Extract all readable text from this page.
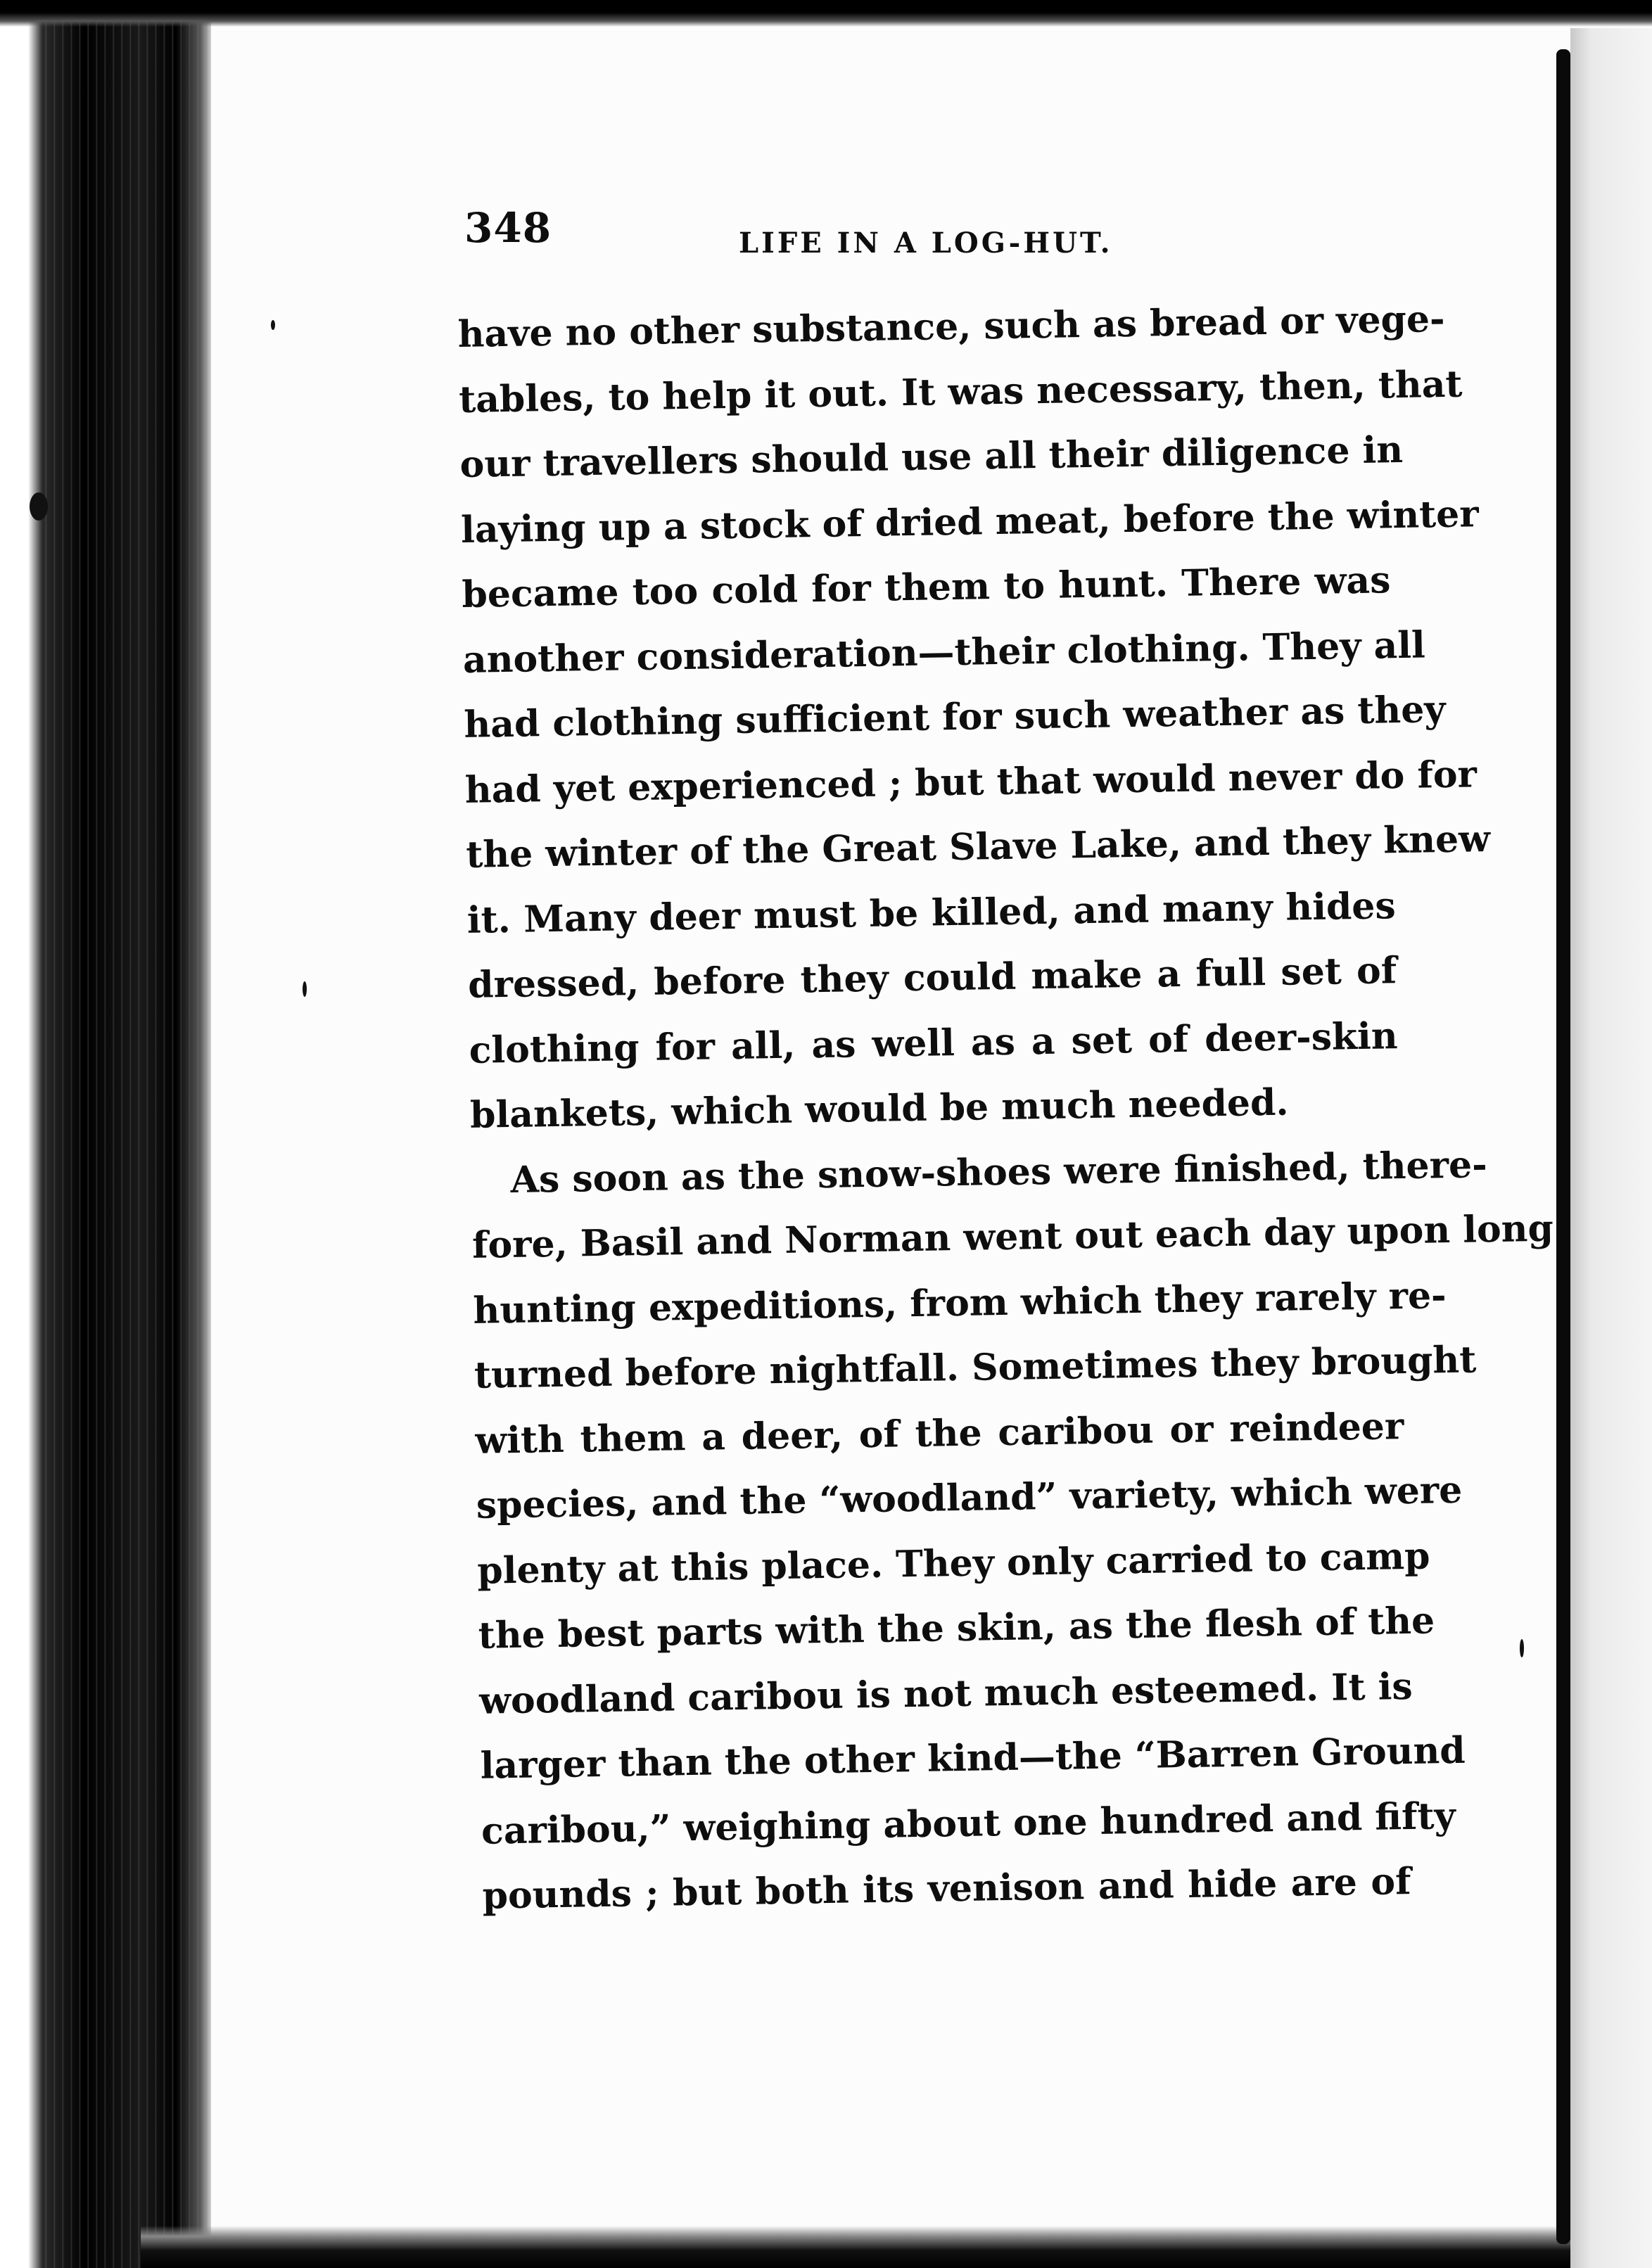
348	LIFE IN A LOG-HUT.

have no other substance, such as bread or vege-
tables, to help it out. It was necessary, then, that
our travellers should use all their diligence in
laying up a stock of dried meat, before the winter
became too cold for them to hunt. There was
another consideration—their clothing. They all
had clothing sufficient for such weather as they
had yet experienced ; but that would never do for
the winter of the Great Slave Lake, and they knew
it. Many deer must be killed, and many hides
dressed, before they could make a full set of
clothing for all, as well as a set of deer-skin
blankets, which would be much needed.

As soon as the snow-shoes were finished, there-
fore, Basil and Norman went out each day upon long
hunting expeditions, from which they rarely re-
turned before nightfall. Sometimes they brought
with them a deer, of the caribou or reindeer
species, and the “woodland” variety, which were
plenty at this place. They only carried to camp
the best parts with the skin, as the flesh of the
woodland caribou is not much esteemed. It is
larger than the other kind—the “Barren Ground
caribou,” weighing about one hundred and fifty
pounds ; but both its venison and hide are of
